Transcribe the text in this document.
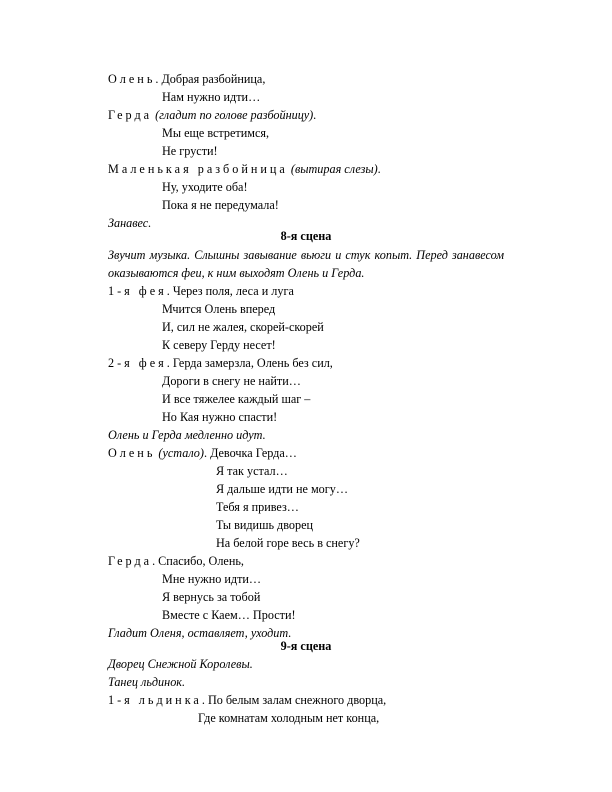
Олень. Добрая разбойница,
Нам нужно идти…
Герда (гладит по голове разбойницу).
Мы еще встретимся,
Не грусти!
Маленькая разбойница (вытирая слезы).
Ну, уходите оба!
Пока я не передумала!
Занавес.
8-я сцена
Звучит музыка. Слышны завывание вьюги и стук копыт. Перед занавесом оказываются феи, к ним выходят Олень и Герда.
1-я фея. Через поля, леса и луга
Мчится Олень вперед
И, сил не жалея, скорей-скорей
К северу Герду несет!
2-я фея. Герда замерзла, Олень без сил,
Дороги в снегу не найти…
И все тяжелее каждый шаг –
Но Кая нужно спасти!
Олень и Герда медленно идут.
Олень (устало). Девочка Герда…
Я так устал…
Я дальше идти не могу…
Тебя я привез…
Ты видишь дворец
На белой горе весь в снегу?
Герда. Спасибо, Олень,
Мне нужно идти…
Я вернусь за тобой
Вместе с Каем… Прости!
Гладит Оленя, оставляет, уходит.
9-я сцена
Дворец Снежной Королевы.
Танец льдинок.
1-я льдинка. По белым залам снежного дворца,
Где комнатам холодным нет конца,
